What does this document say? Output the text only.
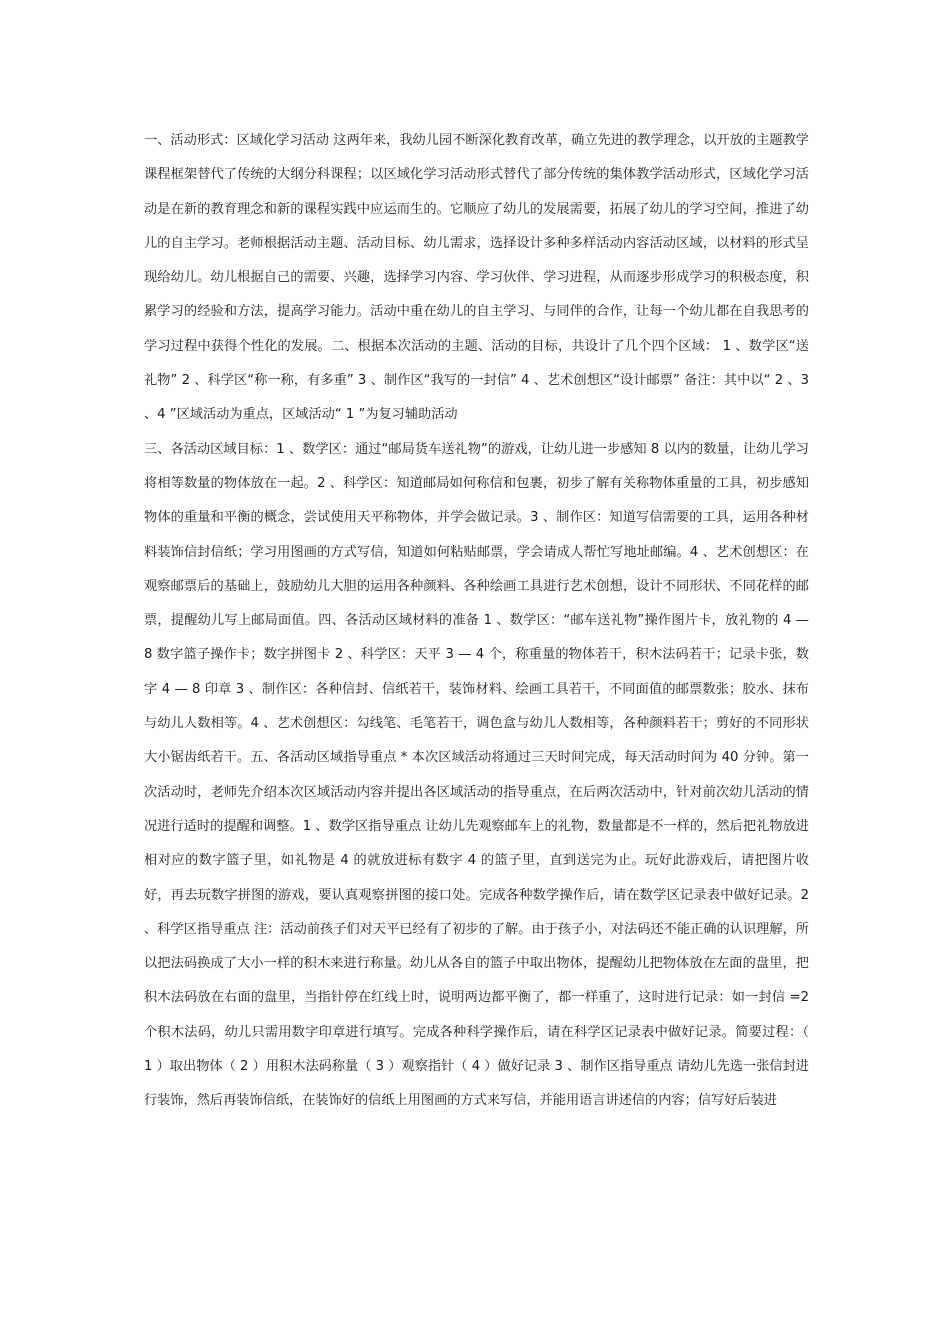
一、活动形式：区域化学习活动 这两年来，我幼儿园不断深化教育改革，确立先进的教学理念，以开放的主题教学课程框架替代了传统的大纲分科课程；以区域化学习活动形式替代了部分传统的集体教学活动形式，区域化学习活动是在新的教育理念和新的课程实践中应运而生的。它顺应了幼儿的发展需要，拓展了幼儿的学习空间，推进了幼儿的自主学习。老师根据活动主题、活动目标、幼儿需求，选择设计多种多样活动内容活动区域，以材料的形式呈现给幼儿。幼儿根据自己的需要、兴趣，选择学习内容、学习伙伴、学习进程，从而逐步形成学习的积极态度，积累学习的经验和方法，提高学习能力。活动中重在幼儿的自主学习、与同伴的合作，让每一个幼儿都在自我思考的学习过程中获得个性化的发展。二、根据本次活动的主题、活动的目标，共设计了几个四个区域： 1 、数学区“送礼物” 2 、科学区“称一称，有多重” 3 、制作区“我写的一封信” 4 、艺术创想区“设计邮票” 备注：其中以“ 2 、3 、4 ”区域活动为重点，区域活动“ 1 ”为复习辅助活动

三、各活动区域目标：1 、数学区：通过“邮局货车送礼物”的游戏，让幼儿进一步感知 8 以内的数量，让幼儿学习将相等数量的物体放在一起。2 、科学区：知道邮局如何称信和包裹，初步了解有关称物体重量的工具，初步感知物体的重量和平衡的概念，尝试使用天平称物体，并学会做记录。3 、制作区：知道写信需要的工具，运用各种材料装饰信封信纸；学习用图画的方式写信，知道如何粘贴邮票，学会请成人帮忙写地址邮编。4 、艺术创想区：在观察邮票后的基础上，鼓励幼儿大胆的运用各种颜料、各种绘画工具进行艺术创想，设计不同形状、不同花样的邮票，提醒幼儿写上邮局面值。四、各活动区域材料的准备 1 、数学区：“邮车送礼物”操作图片卡，放礼物的 4 — 8 数字篮子操作卡；数字拼图卡 2 、科学区：天平 3 — 4 个，称重量的物体若干，积木法码若干；记录卡张，数字 4 — 8 印章 3 、制作区：各种信封、信纸若干，装饰材料、绘画工具若干，不同面值的邮票数张；胶水、抹布与幼儿人数相等。4 、艺术创想区：勾线笔、毛笔若干，调色盒与幼儿人数相等，各种颜料若干；剪好的不同形状大小锯齿纸若干。五、各活动区域指导重点 * 本次区域活动将通过三天时间完成，每天活动时间为 40 分钟。第一次活动时，老师先介绍本次区域活动内容并提出各区域活动的指导重点，在后两次活动中，针对前次幼儿活动的情况进行适时的提醒和调整。1 、数学区指导重点 让幼儿先观察邮车上的礼物，数量都是不一样的，然后把礼物放进相对应的数字篮子里，如礼物是 4 的就放进标有数字 4 的篮子里，直到送完为止。玩好此游戏后，请把图片收好，再去玩数字拼图的游戏，要认真观察拼图的接口处。完成各种数学操作后，请在数学区记录表中做好记录。2 、科学区指导重点 注：活动前孩子们对天平已经有了初步的了解。由于孩子小，对法码还不能正确的认识理解，所以把法码换成了大小一样的积木来进行称量。幼儿从各自的篮子中取出物体，提醒幼儿把物体放在左面的盘里，把积木法码放在右面的盘里，当指针停在红线上时，说明两边都平衡了，都一样重了，这时进行记录：如一封信 =2 个积木法码，幼儿只需用数字印章进行填写。完成各种科学操作后，请在科学区记录表中做好记录。简要过程：（ 1 ）取出物体（ 2 ）用积木法码称量（ 3 ）观察指针（ 4 ）做好记录 3 、制作区指导重点 请幼儿先选一张信封进行装饰，然后再装饰信纸，在装饰好的信纸上用图画的方式来写信，并能用语言讲述信的内容；信写好后装进
